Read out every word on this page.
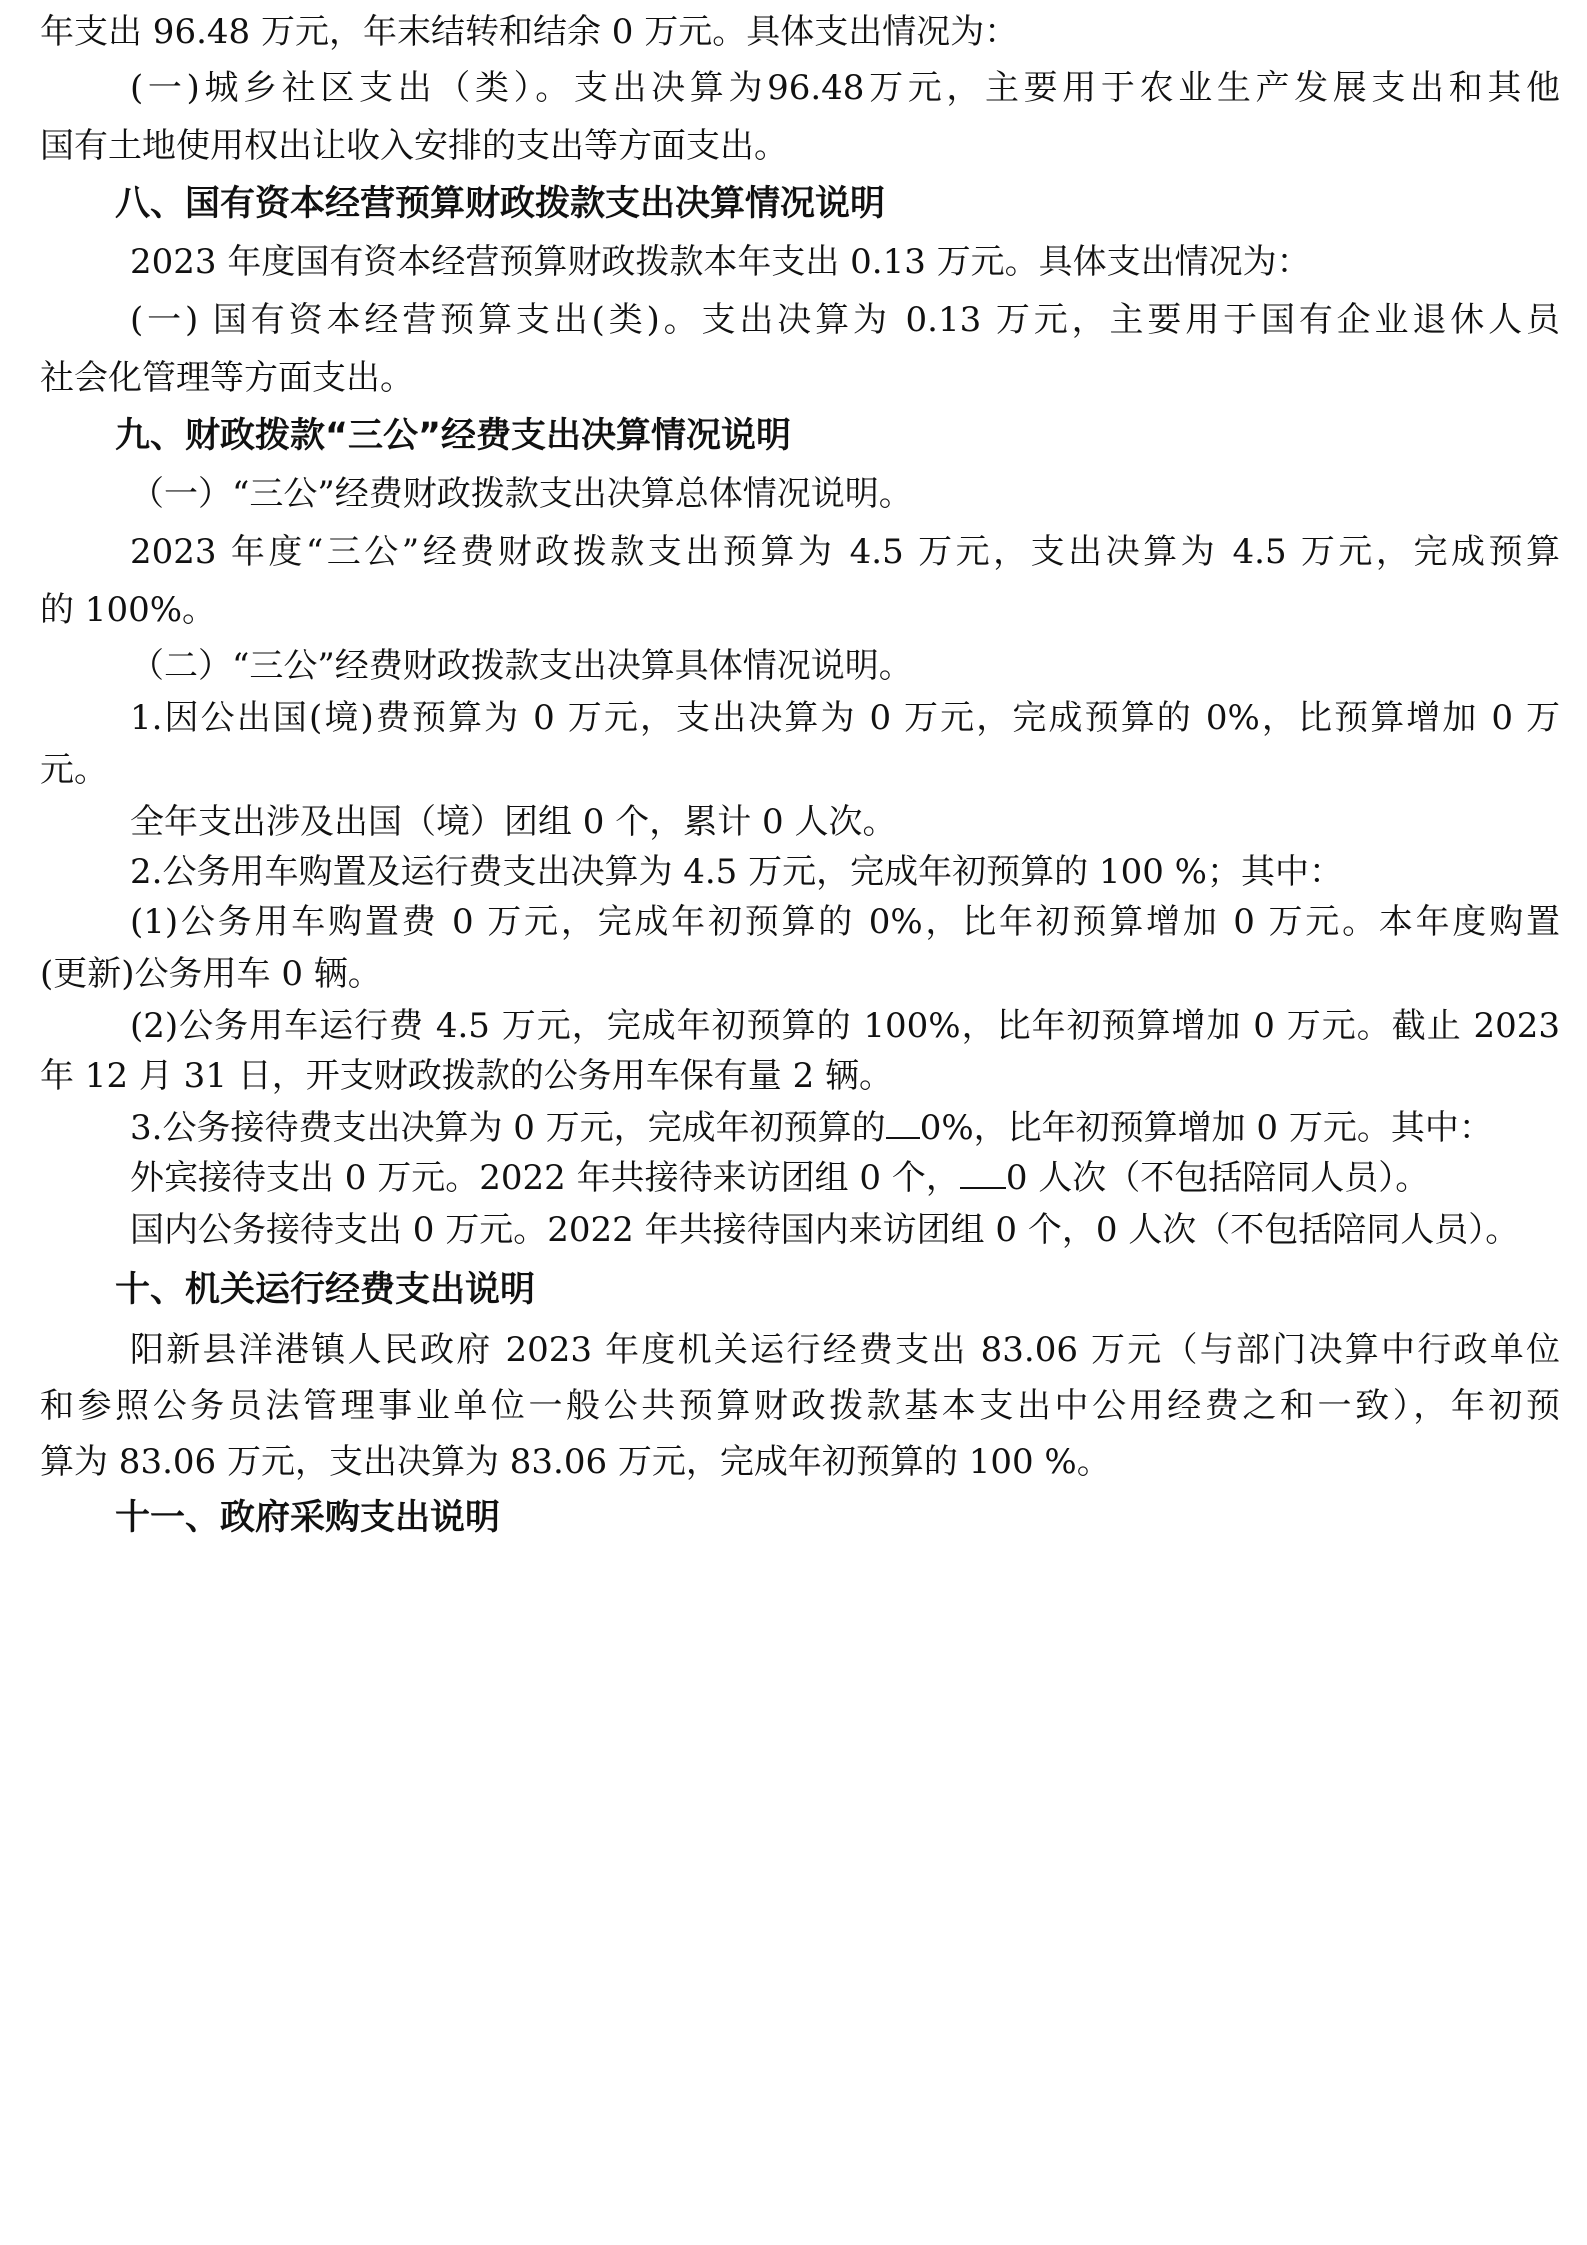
年支出 96.48 万元，年末结转和结余 0 万元。具体支出情况为：
(一)城乡社区支出（类）。支出决算为96.48万元，主要用于农业生产发展支出和其他
国有土地使用权出让收入安排的支出等方面支出。
八、国有资本经营预算财政拨款支出决算情况说明
2023 年度国有资本经营预算财政拨款本年支出 0.13 万元。具体支出情况为：
(一) 国有资本经营预算支出(类)。支出决算为 0.13 万元，主要用于国有企业退休人员
社会化管理等方面支出。
九、财政拨款“三公”经费支出决算情况说明
（一）“三公”经费财政拨款支出决算总体情况说明。
2023 年度“三公”经费财政拨款支出预算为 4.5 万元，支出决算为 4.5 万元，完成预算
的 100%。
（二）“三公”经费财政拨款支出决算具体情况说明。
1.因公出国(境)费预算为 0 万元，支出决算为 0 万元，完成预算的 0%，比预算增加 0 万
元。
全年支出涉及出国（境）团组 0 个，累计 0 人次。
2.公务用车购置及运行费支出决算为 4.5 万元，完成年初预算的 100 %；其中：
(1)公务用车购置费 0 万元，完成年初预算的 0%，比年初预算增加 0 万元。本年度购置
(更新)公务用车 0 辆。
(2)公务用车运行费 4.5 万元，完成年初预算的 100%，比年初预算增加 0 万元。截止 2023
年 12 月 31 日，开支财政拨款的公务用车保有量 2 辆。
3.公务接待费支出决算为 0 万元，完成年初预算的 0%，比年初预算增加 0 万元。其中：
外宾接待支出 0 万元。2022 年共接待来访团组 0 个， 0 人次（不包括陪同人员）。
国内公务接待支出 0 万元。2022 年共接待国内来访团组 0 个，0 人次（不包括陪同人员）。
十、机关运行经费支出说明
阳新县洋港镇人民政府 2023 年度机关运行经费支出 83.06 万元（与部门决算中行政单位
和参照公务员法管理事业单位一般公共预算财政拨款基本支出中公用经费之和一致），年初预
算为 83.06 万元，支出决算为 83.06 万元，完成年初预算的 100 %。
十一、政府采购支出说明
